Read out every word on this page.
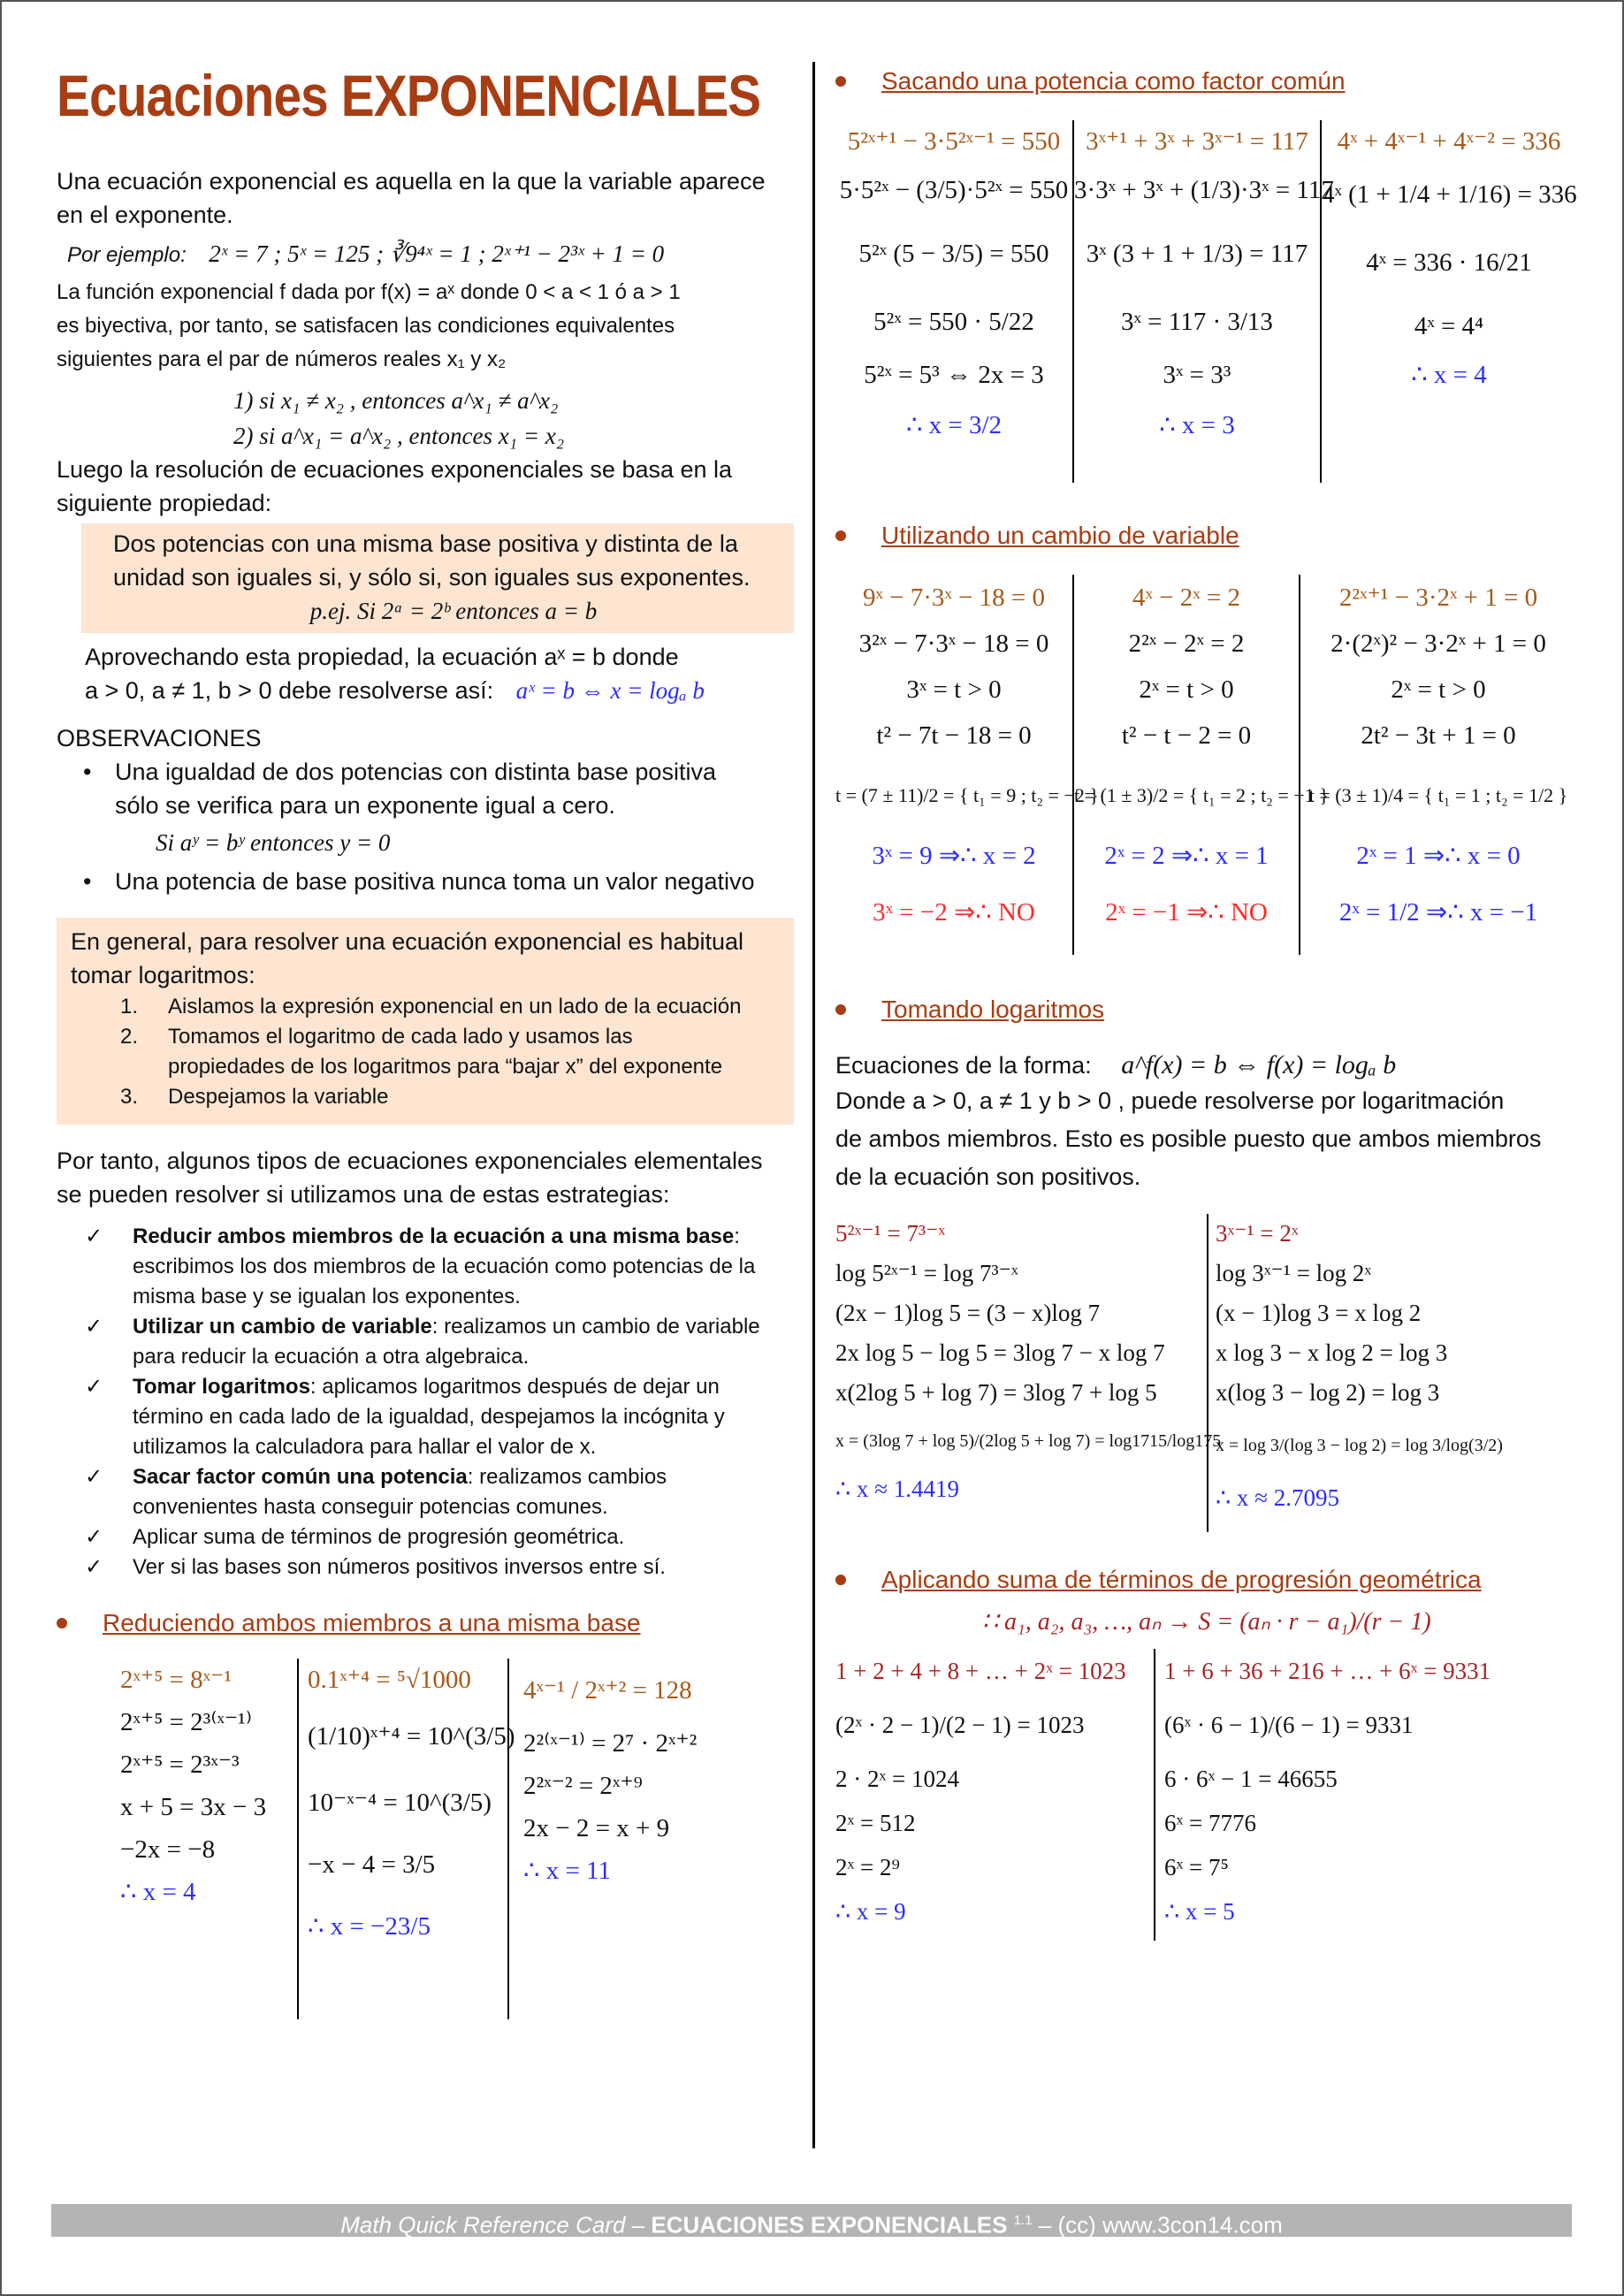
Ecuaciones EXPONENCIALES

Una ecuación exponencial es aquella en la que la variable aparece
en el exponente.

Por ejemplo: 2ˣ = 7 ; 5ˣ = 125 ; ∛9⁴ˣ = 1 ; 2ˣ⁺¹ − 2³ˣ + 1 = 0

La función exponencial f dada por f(x) = aˣ donde 0 < a < 1 ó a > 1
es biyectiva, por tanto, se satisfacen las condiciones equivalentes
siguientes para el par de números reales x₁ y x₂

1) si x₁ ≠ x₂ , entonces a^x₁ ≠ a^x₂

2) si a^x₁ = a^x₂ , entonces x₁ = x₂

Luego la resolución de ecuaciones exponenciales se basa en la
siguiente propiedad:

Dos potencias con una misma base positiva y distinta de la
unidad son iguales si, y sólo si, son iguales sus exponentes.

p.ej. Si 2ᵃ = 2ᵇ entonces a = b

Aprovechando esta propiedad, la ecuación aˣ = b donde
a > 0, a ≠ 1, b > 0 debe resolverse así: aˣ = b ⇔ x = logₐ b

OBSERVACIONES

• Una igualdad de dos potencias con distinta base positiva
sólo se verifica para un exponente igual a cero.

Si aʸ = bʸ entonces y = 0

• Una potencia de base positiva nunca toma un valor negativo

En general, para resolver una ecuación exponencial es habitual
tomar logaritmos:

1. Aislamos la expresión exponencial en un lado de la ecuación

2. Tomamos el logaritmo de cada lado y usamos las
propiedades de los logaritmos para “bajar x” del exponente

3. Despejamos la variable

Por tanto, algunos tipos de ecuaciones exponenciales elementales
se pueden resolver si utilizamos una de estas estrategias:

✓ Reducir ambos miembros de la ecuación a una misma base:
escribimos los dos miembros de la ecuación como potencias de la
misma base y se igualan los exponentes.
✓ Utilizar un cambio de variable: realizamos un cambio de variable
para reducir la ecuación a otra algebraica.
✓ Tomar logaritmos: aplicamos logaritmos después de dejar un
término en cada lado de la igualdad, despejamos la incógnita y
utilizamos la calculadora para hallar el valor de x.
✓ Sacar factor común una potencia: realizamos cambios
convenientes hasta conseguir potencias comunes.
✓ Aplicar suma de términos de progresión geométrica.
✓ Ver si las bases son números positivos inversos entre sí.
Reduciendo ambos miembros a una misma base
2ˣ⁺⁵ = 8ˣ⁻¹
2ˣ⁺⁵ = 2³⁽ˣ⁻¹⁾
2ˣ⁺⁵ = 2³ˣ⁻³
x + 5 = 3x − 3
−2x = −8
∴ x = 4
0.1ˣ⁺⁴ = ⁵√1000
(1/10)ˣ⁺⁴ = 10^(3/5)
10⁻ˣ⁻⁴ = 10^(3/5)
−x − 4 = 3/5
∴ x = −23/5
4ˣ⁻¹ / 2ˣ⁺² = 128
2²⁽ˣ⁻¹⁾ = 2⁷ · 2ˣ⁺²
2²ˣ⁻² = 2ˣ⁺⁹
2x − 2 = x + 9
∴ x = 11
Sacando una potencia como factor común
5²ˣ⁺¹ − 3·5²ˣ⁻¹ = 550
5·5²ˣ − (3/5)·5²ˣ = 550
5²ˣ (5 − 3/5) = 550
5²ˣ = 550 · 5/22
5²ˣ = 5³ ⇔ 2x = 3
∴ x = 3/2
3ˣ⁺¹ + 3ˣ + 3ˣ⁻¹ = 117
3·3ˣ + 3ˣ + (1/3)·3ˣ = 117
3ˣ (3 + 1 + 1/3) = 117
3ˣ = 117 · 3/13
3ˣ = 3³
∴ x = 3
4ˣ + 4ˣ⁻¹ + 4ˣ⁻² = 336
4ˣ (1 + 1/4 + 1/16) = 336
4ˣ = 336 · 16/21
4ˣ = 4⁴
∴ x = 4
Utilizando un cambio de variable
9ˣ − 7·3ˣ − 18 = 0
3²ˣ − 7·3ˣ − 18 = 0
3ˣ = t > 0
t² − 7t − 18 = 0
t = (7 ± 11)/2 = { t₁ = 9 ; t₂ = −2 }
3ˣ = 9 ⇒∴ x = 2
3ˣ = −2 ⇒∴ NO
4ˣ − 2ˣ = 2
2²ˣ − 2ˣ = 2
2ˣ = t > 0
t² − t − 2 = 0
t = (1 ± 3)/2 = { t₁ = 2 ; t₂ = −1 }
2ˣ = 2 ⇒∴ x = 1
2ˣ = −1 ⇒∴ NO
2²ˣ⁺¹ − 3·2ˣ + 1 = 0
2·(2ˣ)² − 3·2ˣ + 1 = 0
2ˣ = t > 0
2t² − 3t + 1 = 0
t = (3 ± 1)/4 = { t₁ = 1 ; t₂ = 1/2 }
2ˣ = 1 ⇒∴ x = 0
2ˣ = 1/2 ⇒∴ x = −1
Tomando logaritmos

Ecuaciones de la forma: a^f(x) = b ⇔ f(x) = logₐ b

Donde a > 0, a ≠ 1 y b > 0 , puede resolverse por logaritmación
de ambos miembros. Esto es posible puesto que ambos miembros
de la ecuación son positivos.

5²ˣ⁻¹ = 7³⁻ˣ
log 5²ˣ⁻¹ = log 7³⁻ˣ
(2x − 1)log 5 = (3 − x)log 7
2x log 5 − log 5 = 3log 7 − x log 7
x(2log 5 + log 7) = 3log 7 + log 5
x = (3log 7 + log 5)/(2log 5 + log 7) = log1715/log175
∴ x ≈ 1.4419
3ˣ⁻¹ = 2ˣ
log 3ˣ⁻¹ = log 2ˣ
(x − 1)log 3 = x log 2
x log 3 − x log 2 = log 3
x(log 3 − log 2) = log 3
x = log 3/(log 3 − log 2) = log 3/log(3/2)
∴ x ≈ 2.7095
Aplicando suma de términos de progresión geométrica

∷ a₁, a₂, a₃, …, aₙ → S = (aₙ · r − a₁)/(r − 1)

1 + 2 + 4 + 8 + … + 2ˣ = 1023
(2ˣ · 2 − 1)/(2 − 1) = 1023
2 · 2ˣ = 1024
2ˣ = 512
2ˣ = 2⁹
∴ x = 9
1 + 6 + 36 + 216 + … + 6ˣ = 9331
(6ˣ · 6 − 1)/(6 − 1) = 9331
6 · 6ˣ − 1 = 46655
6ˣ = 7776
6ˣ = 7⁵
∴ x = 5
Math Quick Reference Card – ECUACIONES EXPONENCIALES $^{1.1}$ – (cc) www.3con14.com
